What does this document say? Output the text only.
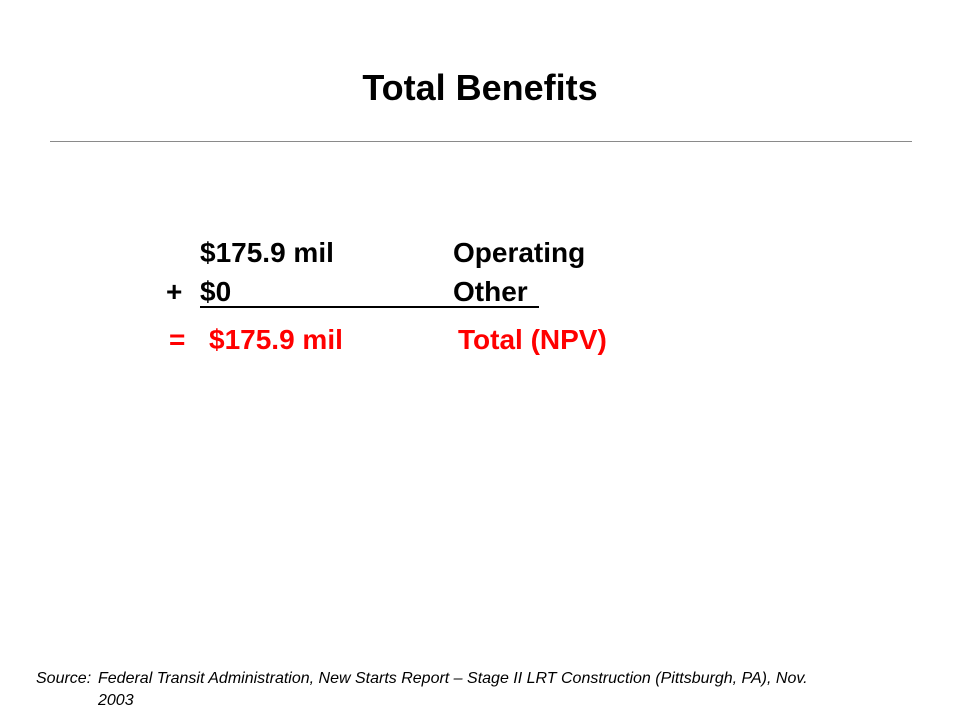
Total Benefits
$175.9 mil	Operating
+ $0	Other
= $175.9 mil	Total (NPV)
Source: Federal Transit Administration, New Starts Report – Stage II LRT Construction (Pittsburgh, PA), Nov.
2003
